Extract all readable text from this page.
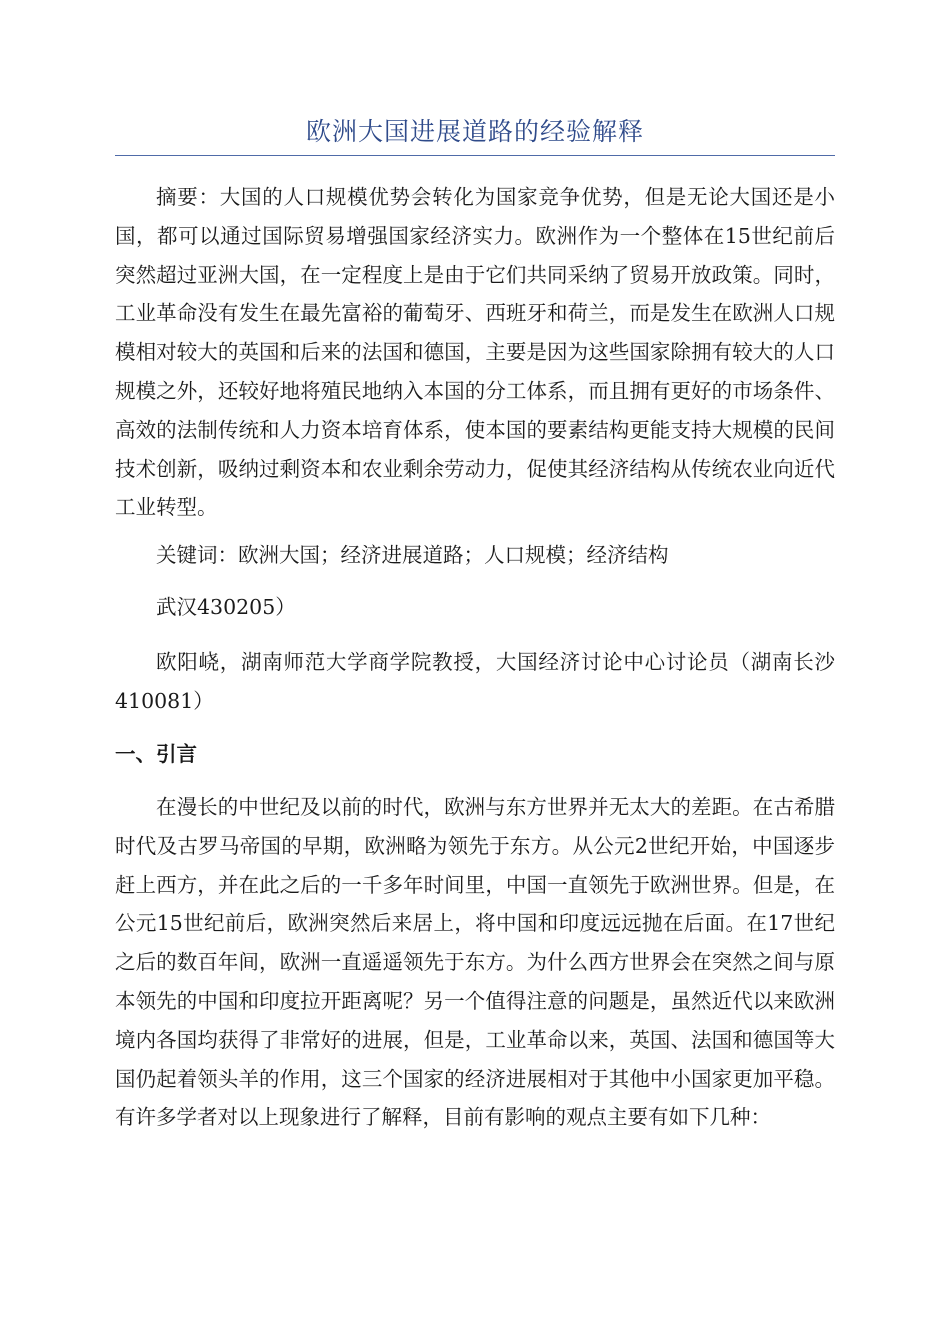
欧洲大国进展道路的经验解释

摘要：大国的人口规模优势会转化为国家竞争优势，但是无论大国还是小国，都可以通过国际贸易增强国家经济实力。欧洲作为一个整体在15世纪前后突然超过亚洲大国，在一定程度上是由于它们共同采纳了贸易开放政策。同时，工业革命没有发生在最先富裕的葡萄牙、西班牙和荷兰，而是发生在欧洲人口规模相对较大的英国和后来的法国和德国，主要是因为这些国家除拥有较大的人口规模之外，还较好地将殖民地纳入本国的分工体系，而且拥有更好的市场条件、高效的法制传统和人力资本培育体系，使本国的要素结构更能支持大规模的民间技术创新，吸纳过剩资本和农业剩余劳动力，促使其经济结构从传统农业向近代工业转型。

关键词：欧洲大国；经济进展道路；人口规模；经济结构

武汉430205）

欧阳峣，湖南师范大学商学院教授，大国经济讨论中心讨论员（湖南长沙410081）

一、引言

在漫长的中世纪及以前的时代，欧洲与东方世界并无太大的差距。在古希腊时代及古罗马帝国的早期，欧洲略为领先于东方。从公元2世纪开始，中国逐步赶上西方，并在此之后的一千多年时间里，中国一直领先于欧洲世界。但是，在公元15世纪前后，欧洲突然后来居上，将中国和印度远远抛在后面。在17世纪之后的数百年间，欧洲一直遥遥领先于东方。为什么西方世界会在突然之间与原本领先的中国和印度拉开距离呢？另一个值得注意的问题是，虽然近代以来欧洲境内各国均获得了非常好的进展，但是，工业革命以来，英国、法国和德国等大国仍起着领头羊的作用，这三个国家的经济进展相对于其他中小国家更加平稳。有许多学者对以上现象进行了解释，目前有影响的观点主要有如下几种：
